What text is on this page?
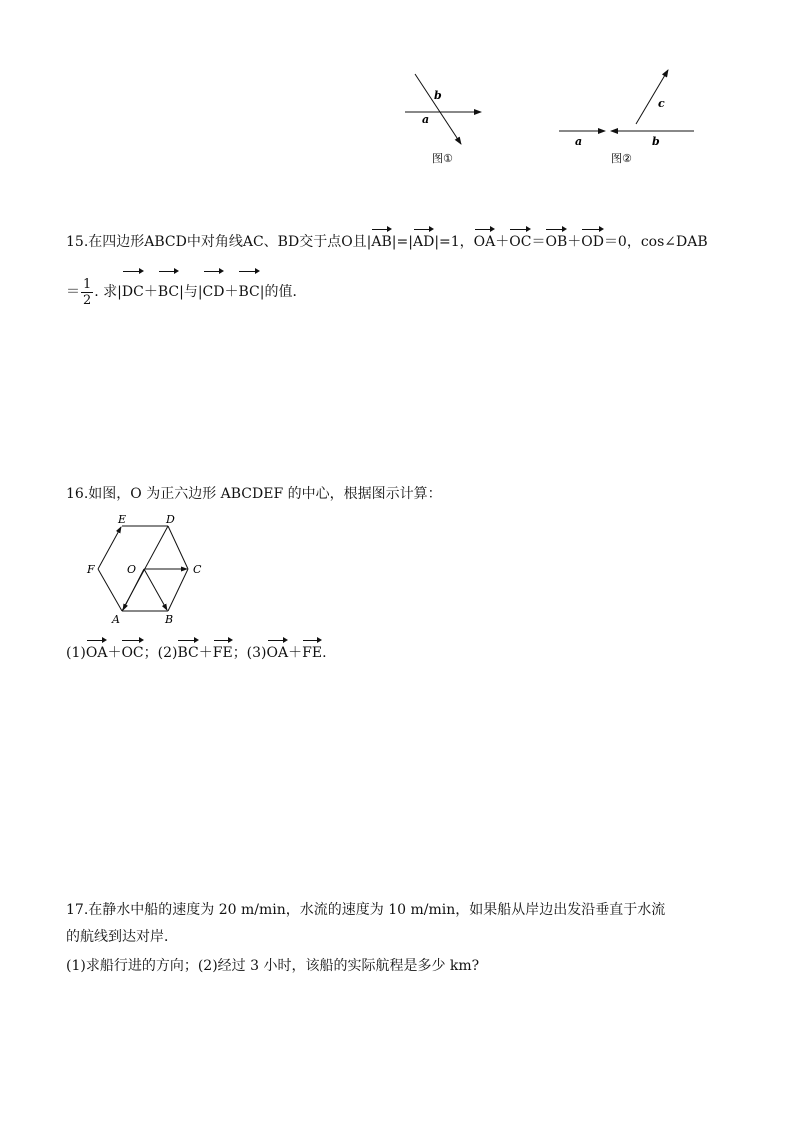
b
a
图①
c
a	b
图②
15.在四边形ABCD中对角线AC、BD交于点O且|AB|=|AD|=1，OA＋OC＝OB＋OD＝0，cos∠DAB
＝ $\frac{1}{2}$ . 求|DC＋BC|与|CD＋BC|的值．
16.如图，O 为正六边形 ABCDEF 的中心，根据图示计算：
E	D
F	O	C
A	B
(1)OA＋OC；(2)BC＋FE；(3)OA＋FE.
17.在静水中船的速度为 20 m/min，水流的速度为 10 m/min，如果船从岸边出发沿垂直于水流
的航线到达对岸．
(1)求船行进的方向；(2)经过 3 小时，该船的实际航程是多少 km?
